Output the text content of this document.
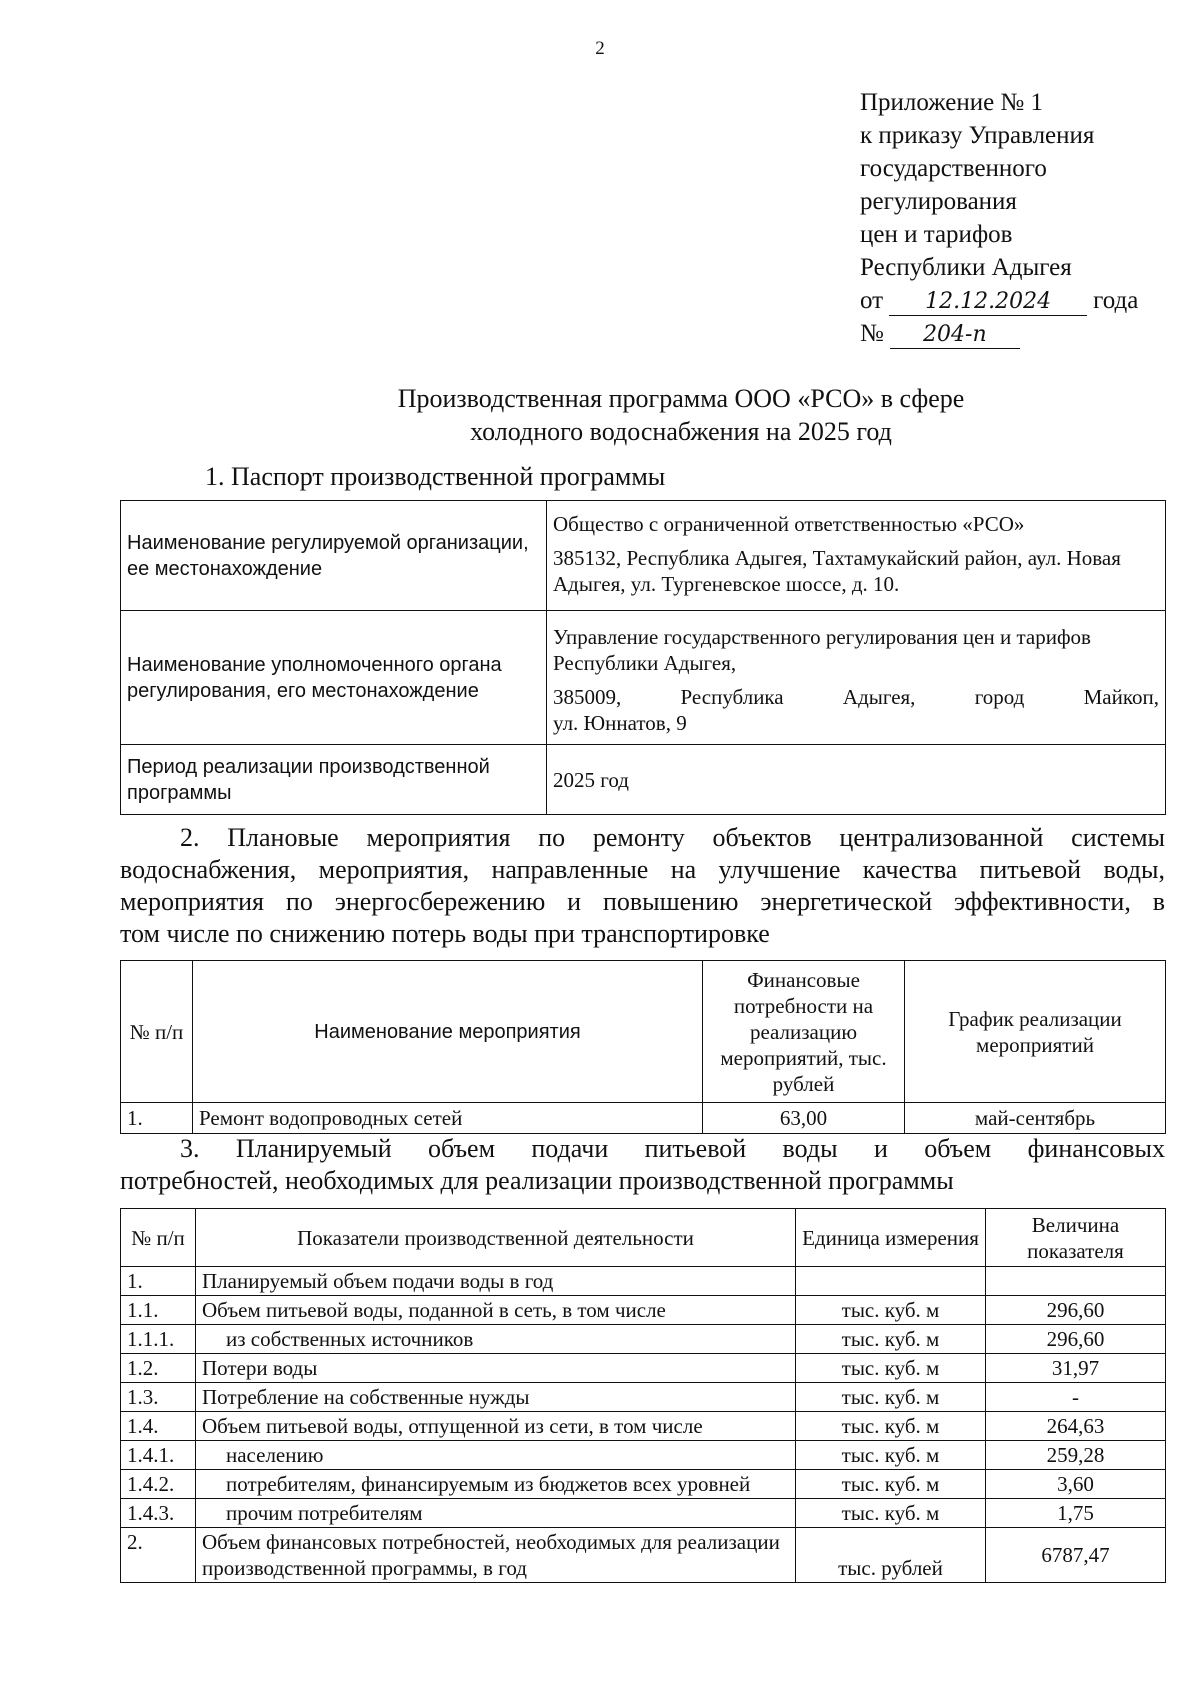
2
Приложение № 1
к приказу Управления
государственного
регулирования
цен и тарифов
Республики Адыгея
от 12.12.2024 года
№ 204-п
Производственная программа ООО «РСО» в сфере
холодного водоснабжения на 2025 год
1. Паспорт производственной программы
Наименование регулируемой организации, ее местонахождение	Общество с ограниченной ответственностью «РСО»

385132, Республика Адыгея, Тахтамукайский район, аул. Новая Адыгея, ул. Тургеневское шоссе, д. 10.

Наименование уполномоченного органа регулирования, его местонахождение	Управление государственного регулирования цен и тарифов Республики Адыгея,

385009, Республика Адыгея, город Майкоп,
ул. Юннатов, 9

Период реализации производственной программы	2025 год
2. Плановые мероприятия по ремонту объектов централизованной системы
водоснабжения, мероприятия, направленные на улучшение качества питьевой воды,
мероприятия по энергосбережению и повышению энергетической эффективности, в
том числе по снижению потерь воды при транспортировке
№ п/п	Наименование мероприятия	Финансовые потребности на реализацию мероприятий, тыс. рублей	График реализации мероприятий
1.	Ремонт водопроводных сетей	63,00	май-сентябрь
3. Планируемый объем подачи питьевой воды и объем финансовых
потребностей, необходимых для реализации производственной программы
№ п/п	Показатели производственной деятельности	Единица измерения	Величина показателя
1.	Планируемый объем подачи воды в год		
1.1.	Объем питьевой воды, поданной в сеть, в том числе	тыс. куб. м	296,60
1.1.1.	из собственных источников	тыс. куб. м	296,60
1.2.	Потери воды	тыс. куб. м	31,97
1.3.	Потребление на собственные нужды	тыс. куб. м	-
1.4.	Объем питьевой воды, отпущенной из сети, в том числе	тыс. куб. м	264,63
1.4.1.	населению	тыс. куб. м	259,28
1.4.2.	потребителям, финансируемым из бюджетов всех уровней	тыс. куб. м	3,60
1.4.3.	прочим потребителям	тыс. куб. м	1,75
2.	Объем финансовых потребностей, необходимых для реализации производственной программы, в год	тыс. рублей	6787,47
